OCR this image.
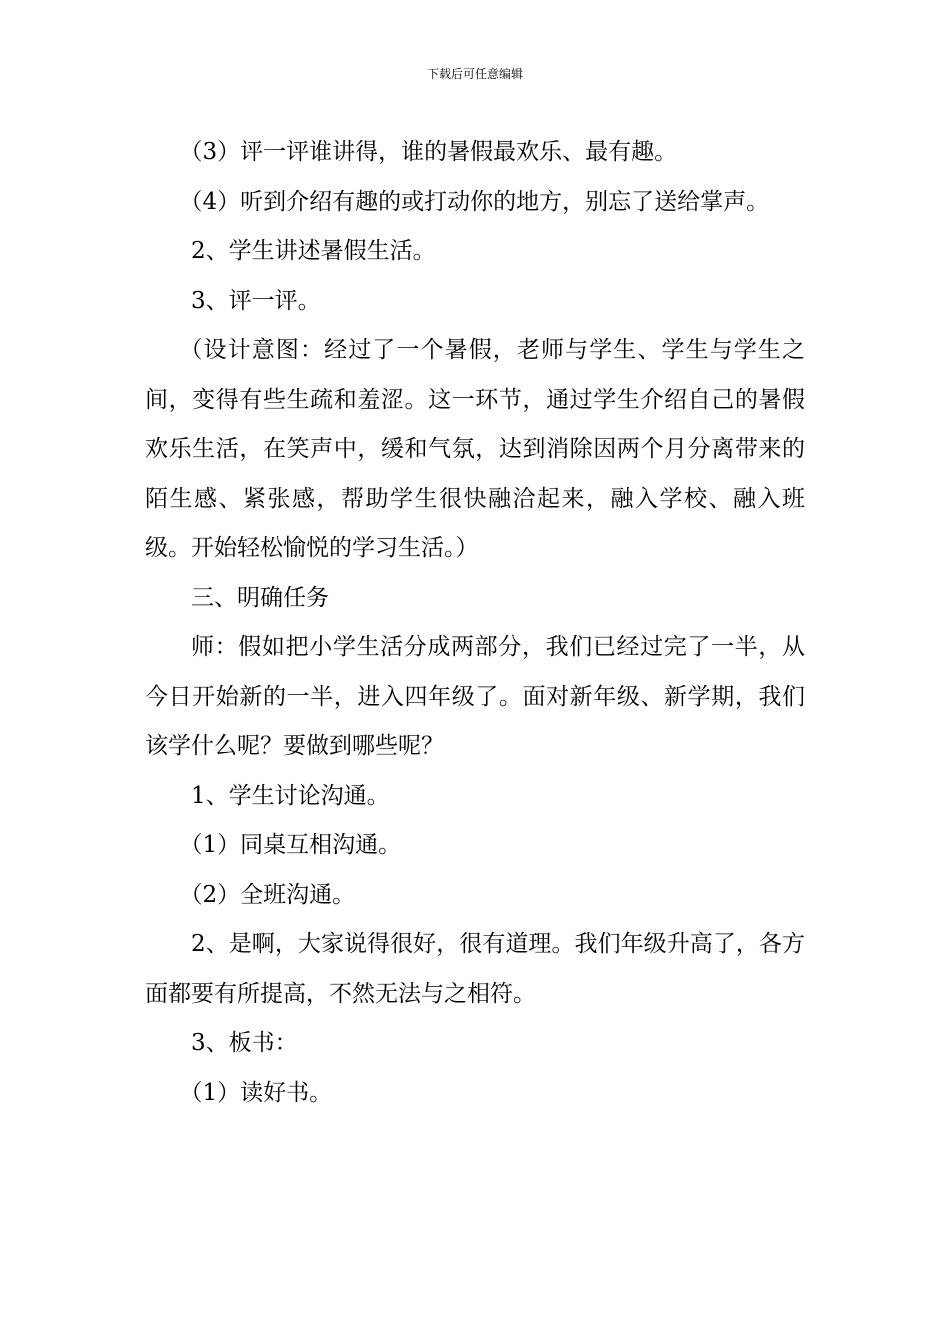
下载后可任意编辑

（3）评一评谁讲得，谁的暑假最欢乐、最有趣。

（4）听到介绍有趣的或打动你的地方，别忘了送给掌声。

2、学生讲述暑假生活。

3、评一评。

（设计意图：经过了一个暑假，老师与学生、学生与学生之间，变得有些生疏和羞涩。这一环节，通过学生介绍自己的暑假欢乐生活，在笑声中，缓和气氛，达到消除因两个月分离带来的陌生感、紧张感，帮助学生很快融洽起来，融入学校、融入班级。开始轻松愉悦的学习生活。）

三、明确任务

师：假如把小学生活分成两部分，我们已经过完了一半，从今日开始新的一半，进入四年级了。面对新年级、新学期，我们该学什么呢？要做到哪些呢？

1、学生讨论沟通。

（1）同桌互相沟通。

（2）全班沟通。

2、是啊，大家说得很好，很有道理。我们年级升高了，各方面都要有所提高，不然无法与之相符。

3、板书：

（1）读好书。
